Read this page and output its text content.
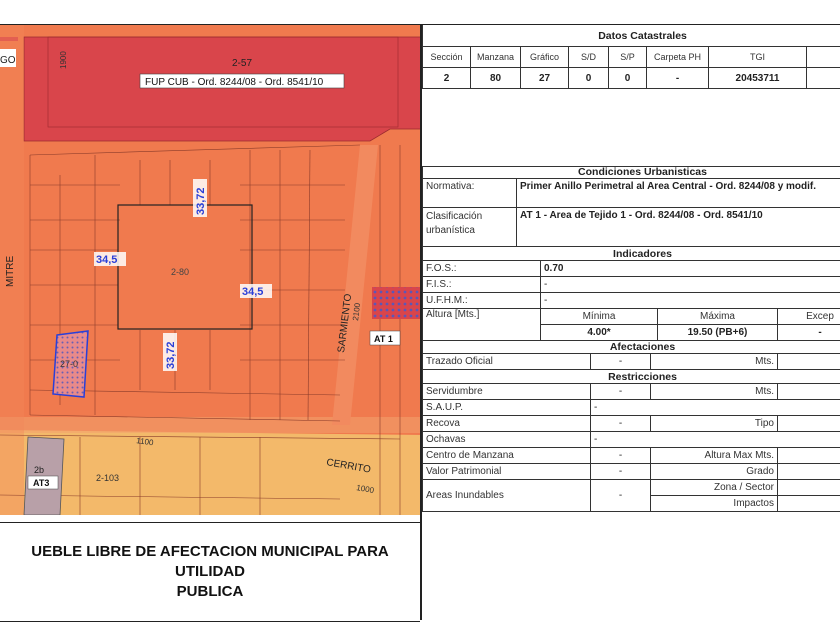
2-57
FUP CUB - Ord. 8244/08 - Ord. 8541/10
2-80
2-103
27-0
2b
AT3
AT 1
34,5
34,5
33,72
33,72
GO
MITRE
1900
SARMIENTO
2100
CERRITO
1000
1100
UEBLE LIBRE DE AFECTACION MUNICIPAL PARA UTILIDAD
PUBLICA
Datos Catastrales							
Sección	Manzana	Gráfico	S/D	S/P	Carpeta PH	TGI	
2	80	27	0	0	-	20453711	

Condiciones Urbanisticas				
Normativa:	Primer Anillo Perimetral al Area Central - Ord. 8244/08 y modif.			
Clasificación urbanística	AT 1 - Area de Tejido 1 - Ord. 8244/08 - Ord. 8541/10			
Indicadores				
F.O.S.:		0.70		
F.I.S.:		-		
U.F.H.M.:		-		
Altura [Mts.]		Mínima	Máxima	Excep
		4.00*	19.50 (PB+6)	-
Afectaciones			
Trazado Oficial	-	Mts.	
Restricciones			
Servidumbre	-	Mts.	
S.A.U.P.	-		
Recova	-	Tipo	
Ochavas	-		
Centro de Manzana	-	Altura Max Mts.	
Valor Patrimonial	-	Grado	
Areas Inundables	-	Zona / Sector	
		Impactos	
